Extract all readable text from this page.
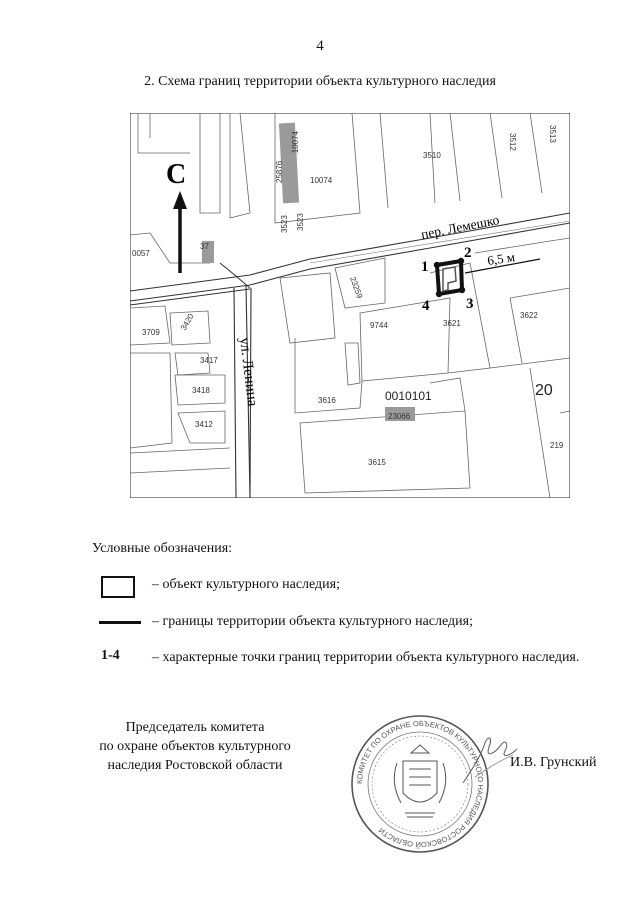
4
2. Схема границ территории объекта культурного наследия
С
пер. Лемешко
ул. Ленина
6,5 м
1
2
3
4
10074
10074
3510
3512	3513
25876
3523 3523
0057
37
23259
3709
3420
3417
3418
3412
9744	3621
3622
3616	0010101
23066
20
219
3615
Условные обозначения:
– объект культурного наследия;
– границы территории объекта культурного наследия;
1-4 – характерные точки границ территории объекта культурного наследия.
Председатель комитета
по охране объектов культурного
наследия Ростовской области
КОМИТЕТ ПО ОХРАНЕ ОБЪЕКТОВ КУЛЬТУРНОГО НАСЛЕДИЯ РОСТОВСКОЙ ОБЛАСТИ
И.В. Грунский
